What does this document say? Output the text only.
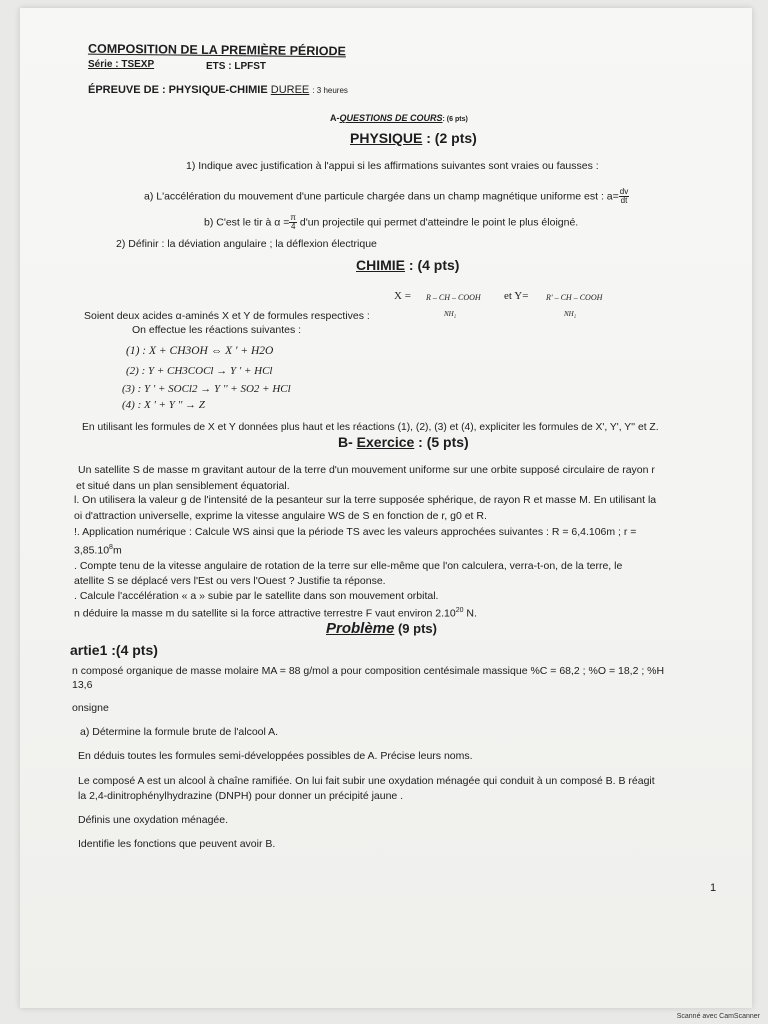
COMPOSITION DE LA PREMIÈRE PÉRIODE
Série : TSEXP	ETS : LPFST
ÉPREUVE DE : PHYSIQUE-CHIMIE DUREE : 3 heures
A-QUESTIONS DE COURS: (6 pts)
PHYSIQUE : (2 pts)
1) Indique avec justification à l'appui si les affirmations suivantes sont vraies ou fausses :
a) L'accélération du mouvement d'une particule chargée dans un champ magnétique uniforme est : $a= \frac{dv}{dt}$
b) C'est le tir à $\alpha = \frac{\pi}{4} d'un$ projectile qui permet d'atteindre le point le plus éloigné.
2) Définir : la déviation angulaire ; la déflexion électrique
CHIMIE : (4 pts)
X = R – CH – COOH
NH₂
et Y= R' – CH – COOH
NH₂
Soient deux acides α-aminés X et Y de formules respectives :
On effectue les réactions suivantes :
(1) : X + CH3OH ⇔ X ' + H2O
(2) : Y + CH3COCl → Y ' + HCl
(3) : Y ' + SOCl2 → Y '' + SO2 + HCl
(4) : X ' + Y '' → Z
En utilisant les formules de X et Y données plus haut et les réactions (1), (2), (3) et (4), expliciter les formules de X', Y', Y'' et Z.
B- Exercice : (5 pts)
Un satellite S de masse m gravitant autour de la terre d'un mouvement uniforme sur une orbite supposé circulaire de rayon r
et situé dans un plan sensiblement équatorial.
l. On utilisera la valeur g de l'intensité de la pesanteur sur la terre supposée sphérique, de rayon R et masse M. En utilisant la
oi d'attraction universelle, exprime la vitesse angulaire WS de S en fonction de r, g0 et R.
!. Application numérique : Calcule WS ainsi que la période TS avec les valeurs approchées suivantes : R = 6,4.106m ; r =
$3,85.10^8m$
. Compte tenu de la vitesse angulaire de rotation de la terre sur elle-même que l'on calculera, verra-t-on, de la terre, le
atellite S se déplacé vers l'Est ou vers l'Ouest ? Justifie ta réponse.
. Calcule l'accélération « a » subie par le satellite dans son mouvement orbital.
n déduire la masse m du satellite si la force attractive terrestre F vaut environ 2.10$^{20}$ N.
Problème (9 pts)
artie1 :(4 pts)
n composé organique de masse molaire MA = 88 g/mol a pour composition centésimale massique %C = 68,2 ; %O = 18,2 ; %H
13,6
onsigne
a) Détermine la formule brute de l'alcool A.
En déduis toutes les formules semi-développées possibles de A. Précise leurs noms.
Le composé A est un alcool à chaîne ramifiée. On lui fait subir une oxydation ménagée qui conduit à un composé B. B réagit
la 2,4-dinitrophénylhydrazine (DNPH) pour donner un précipité jaune .
Définis une oxydation ménagée.
Identifie les fonctions que peuvent avoir B.
1
Scanné avec CamScanner
